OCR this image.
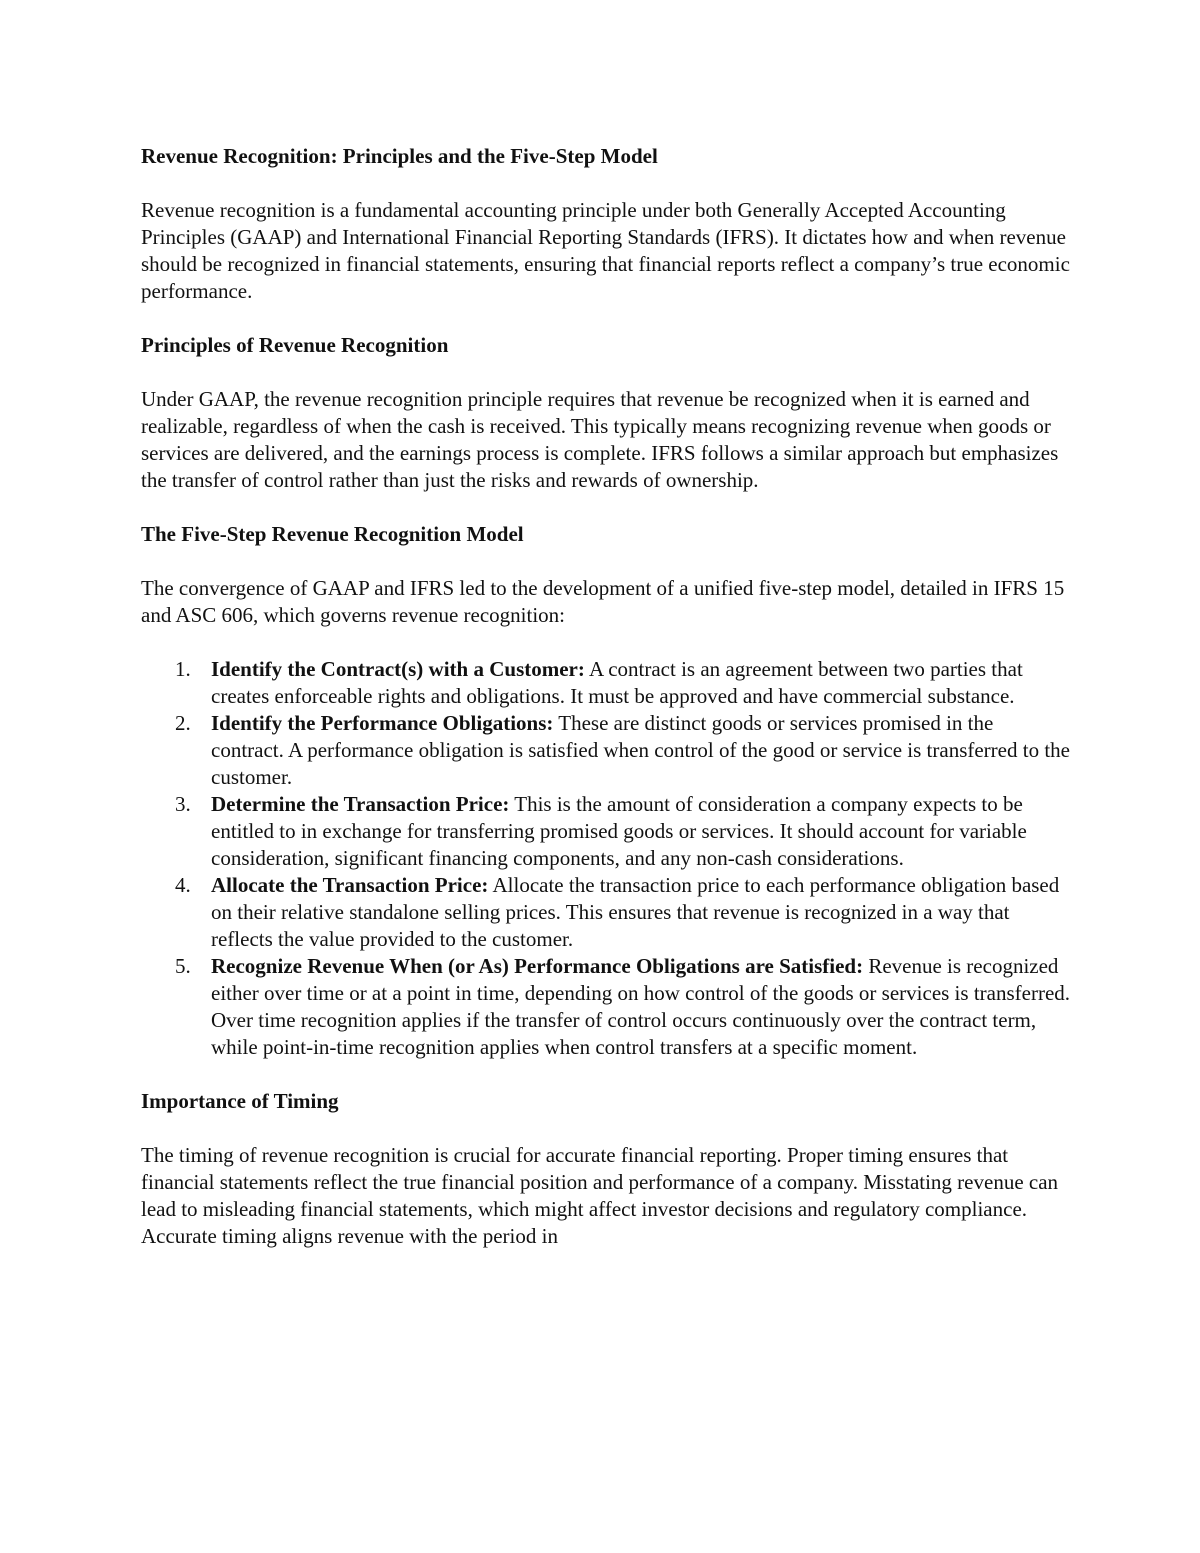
Revenue Recognition: Principles and the Five-Step Model

Revenue recognition is a fundamental accounting principle under both Generally Accepted Accounting Principles (GAAP) and International Financial Reporting Standards (IFRS). It dictates how and when revenue should be recognized in financial statements, ensuring that financial reports reflect a company’s true economic performance.

Principles of Revenue Recognition

Under GAAP, the revenue recognition principle requires that revenue be recognized when it is earned and realizable, regardless of when the cash is received. This typically means recognizing revenue when goods or services are delivered, and the earnings process is complete. IFRS follows a similar approach but emphasizes the transfer of control rather than just the risks and rewards of ownership.

The Five-Step Revenue Recognition Model

The convergence of GAAP and IFRS led to the development of a unified five-step model, detailed in IFRS 15 and ASC 606, which governs revenue recognition:

1. Identify the Contract(s) with a Customer: A contract is an agreement between two parties that creates enforceable rights and obligations. It must be approved and have commercial substance.
2. Identify the Performance Obligations: These are distinct goods or services promised in the contract. A performance obligation is satisfied when control of the good or service is transferred to the customer.
3. Determine the Transaction Price: This is the amount of consideration a company expects to be entitled to in exchange for transferring promised goods or services. It should account for variable consideration, significant financing components, and any non-cash considerations.
4. Allocate the Transaction Price: Allocate the transaction price to each performance obligation based on their relative standalone selling prices. This ensures that revenue is recognized in a way that reflects the value provided to the customer.
5. Recognize Revenue When (or As) Performance Obligations are Satisfied: Revenue is recognized either over time or at a point in time, depending on how control of the goods or services is transferred. Over time recognition applies if the transfer of control occurs continuously over the contract term, while point-in-time recognition applies when control transfers at a specific moment.
Importance of Timing

The timing of revenue recognition is crucial for accurate financial reporting. Proper timing ensures that financial statements reflect the true financial position and performance of a company. Misstating revenue can lead to misleading financial statements, which might affect investor decisions and regulatory compliance. Accurate timing aligns revenue with the period in
